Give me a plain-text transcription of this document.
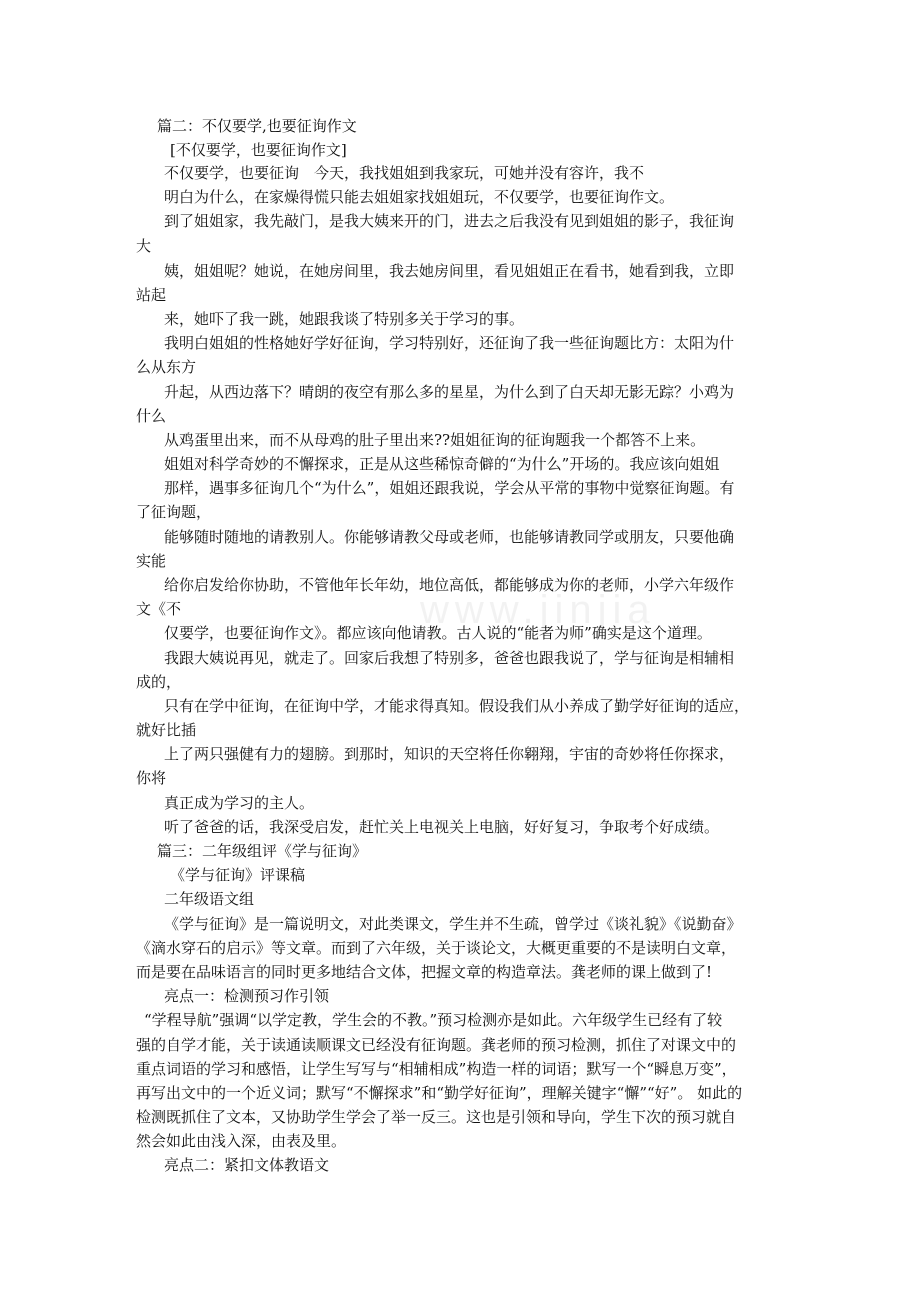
www.jinjia
篇二：不仅要学,也要征询作文
[不仅要学，也要征询作文]
不仅要学，也要征询　今天，我找姐姐到我家玩，可她并没有容许，我不
明白为什么，在家燥得慌只能去姐姐家找姐姐玩，不仅要学，也要征询作文。
到了姐姐家，我先敲门，是我大姨来开的门，进去之后我没有见到姐姐的影子，我征询
大
姨，姐姐呢？她说，在她房间里，我去她房间里，看见姐姐正在看书，她看到我，立即
站起
来，她吓了我一跳，她跟我谈了特别多关于学习的事。
我明白姐姐的性格她好学好征询，学习特别好，还征询了我一些征询题比方：太阳为什
么从东方
升起，从西边落下？晴朗的夜空有那么多的星星，为什么到了白天却无影无踪？小鸡为
什么
从鸡蛋里出来，而不从母鸡的肚子里出来??姐姐征询的征询题我一个都答不上来。
姐姐对科学奇妙的不懈探求，正是从这些稀惊奇僻的“为什么”开场的。我应该向姐姐
那样，遇事多征询几个“为什么”，姐姐还跟我说，学会从平常的事物中觉察征询题。有
了征询题，
能够随时随地的请教别人。你能够请教父母或老师，也能够请教同学或朋友，只要他确
实能
给你启发给你协助，不管他年长年幼，地位高低，都能够成为你的老师，小学六年级作
文《不
仅要学，也要征询作文》。都应该向他请教。古人说的“能者为师”确实是这个道理。
我跟大姨说再见，就走了。回家后我想了特别多，爸爸也跟我说了，学与征询是相辅相
成的，
只有在学中征询，在征询中学，才能求得真知。假设我们从小养成了勤学好征询的适应，
就好比插
上了两只强健有力的翅膀。到那时，知识的天空将任你翱翔，宇宙的奇妙将任你探求，
你将
真正成为学习的主人。
听了爸爸的话，我深受启发，赶忙关上电视关上电脑，好好复习，争取考个好成绩。
篇三：二年级组评《学与征询》
《学与征询》评课稿
二年级语文组
《学与征询》是一篇说明文，对此类课文，学生并不生疏，曾学过《谈礼貌》《说勤奋》
《滴水穿石的启示》等文章。而到了六年级，关于谈论文，大概更重要的不是读明白文章，
而是要在品味语言的同时更多地结合文体，把握文章的构造章法。龚老师的课上做到了!
亮点一：检测预习作引领
“学程导航”强调“以学定教，学生会的不教。”预习检测亦是如此。六年级学生已经有了较
强的自学才能，关于读通读顺课文已经没有征询题。龚老师的预习检测，抓住了对课文中的
重点词语的学习和感悟，让学生写写与“相辅相成”构造一样的词语；默写一个“瞬息万变”，
再写出文中的一个近义词；默写“不懈探求”和“勤学好征询”，理解关键字“懈”“好”。 如此的
检测既抓住了文本，又协助学生学会了举一反三。这也是引领和导向，学生下次的预习就自
然会如此由浅入深，由表及里。
亮点二：紧扣文体教语文
